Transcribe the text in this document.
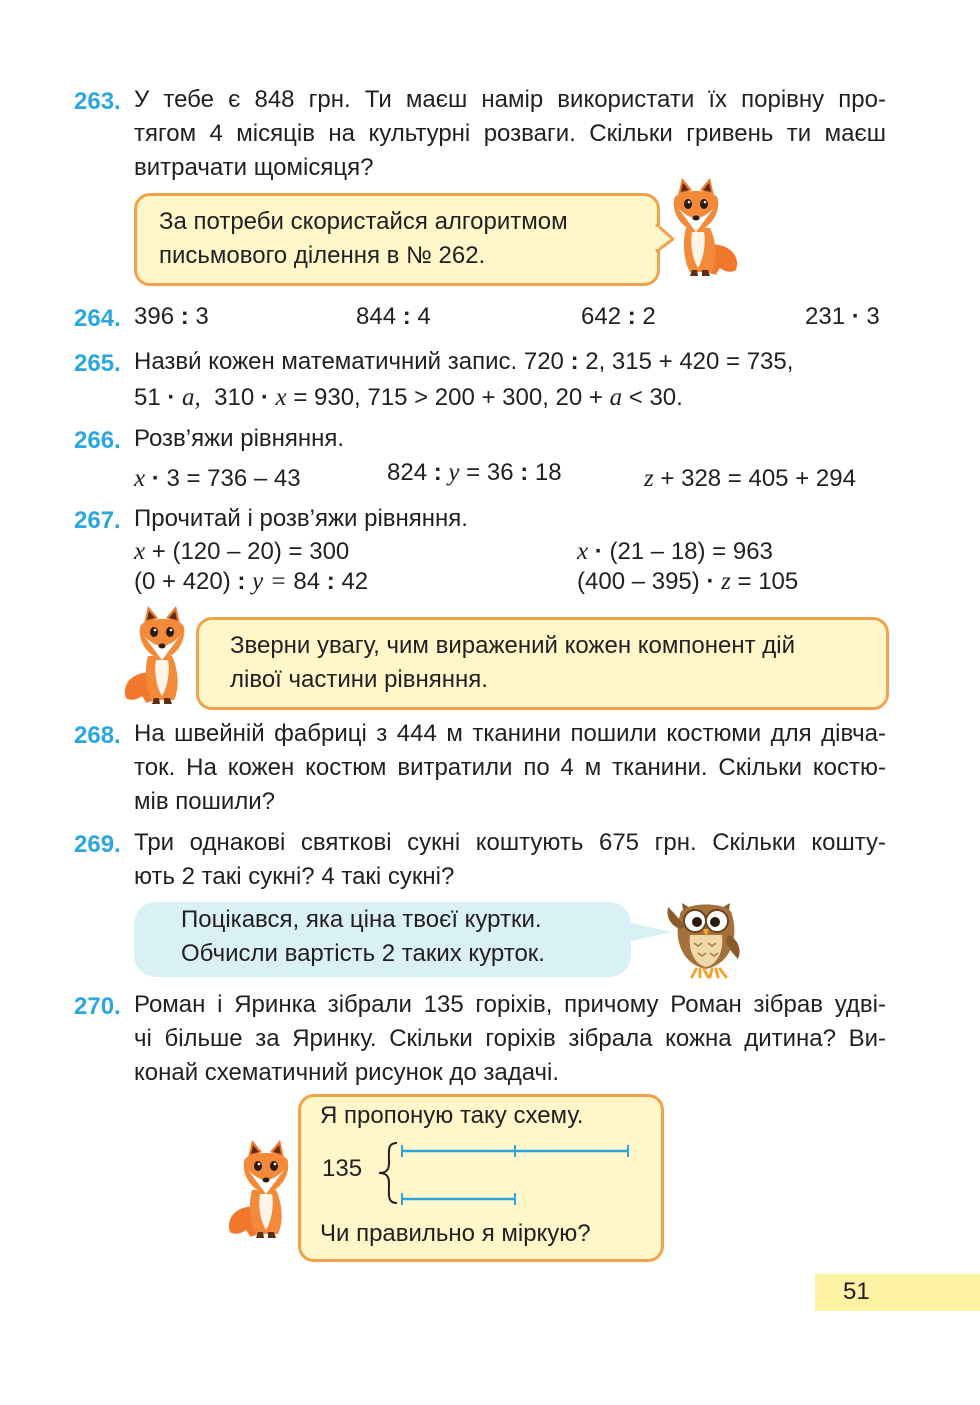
263. У тебе є 848 грн. Ти маєш намір використати їх порівну про-
тягом 4 місяців на культурні розваги. Скільки гривень ти маєш
витрачати щомісяця?
За потреби скористайся алгоритмом
письмового ділення в № 262.
264. 396 : 3	844 : 4	642 : 2	231 · 3
265. Назви́ кожен математичний запис. 720 : 2, 315 + 420 = 735,
51 · a, 310 · x = 930, 715 > 200 + 300, 20 + a < 30.
266. Розв’яжи рівняння.
x · 3 = 736 – 43	824 : y = 36 : 18	z + 328 = 405 + 294
267. Прочитай і розв’яжи рівняння.
x + (120 – 20) = 300	x · (21 – 18) = 963
(0 + 420) : y = 84 : 42	(400 – 395) · z = 105
Зверни увагу, чим виражений кожен компонент дій
лівої частини рівняння.
268. На швейній фабриці з 444 м тканини пошили костюми для дівча-
ток. На кожен костюм витратили по 4 м тканини. Скільки костю-
мів пошили?
269. Три однакові святкові сукні коштують 675 грн. Скільки кошту-
ють 2 такі сукні? 4 такі сукні?
Поцікався, яка ціна твоєї куртки.
Обчисли вартість 2 таких курток.
270. Роман і Яринка зібрали 135 горіхів, причому Роман зібрав удві-
чі більше за Яринку. Скільки горіхів зібрала кожна дитина? Ви-
конай схематичний рисунок до задачі.
Я пропоную таку схему.
135
Чи правильно я міркую?
51
